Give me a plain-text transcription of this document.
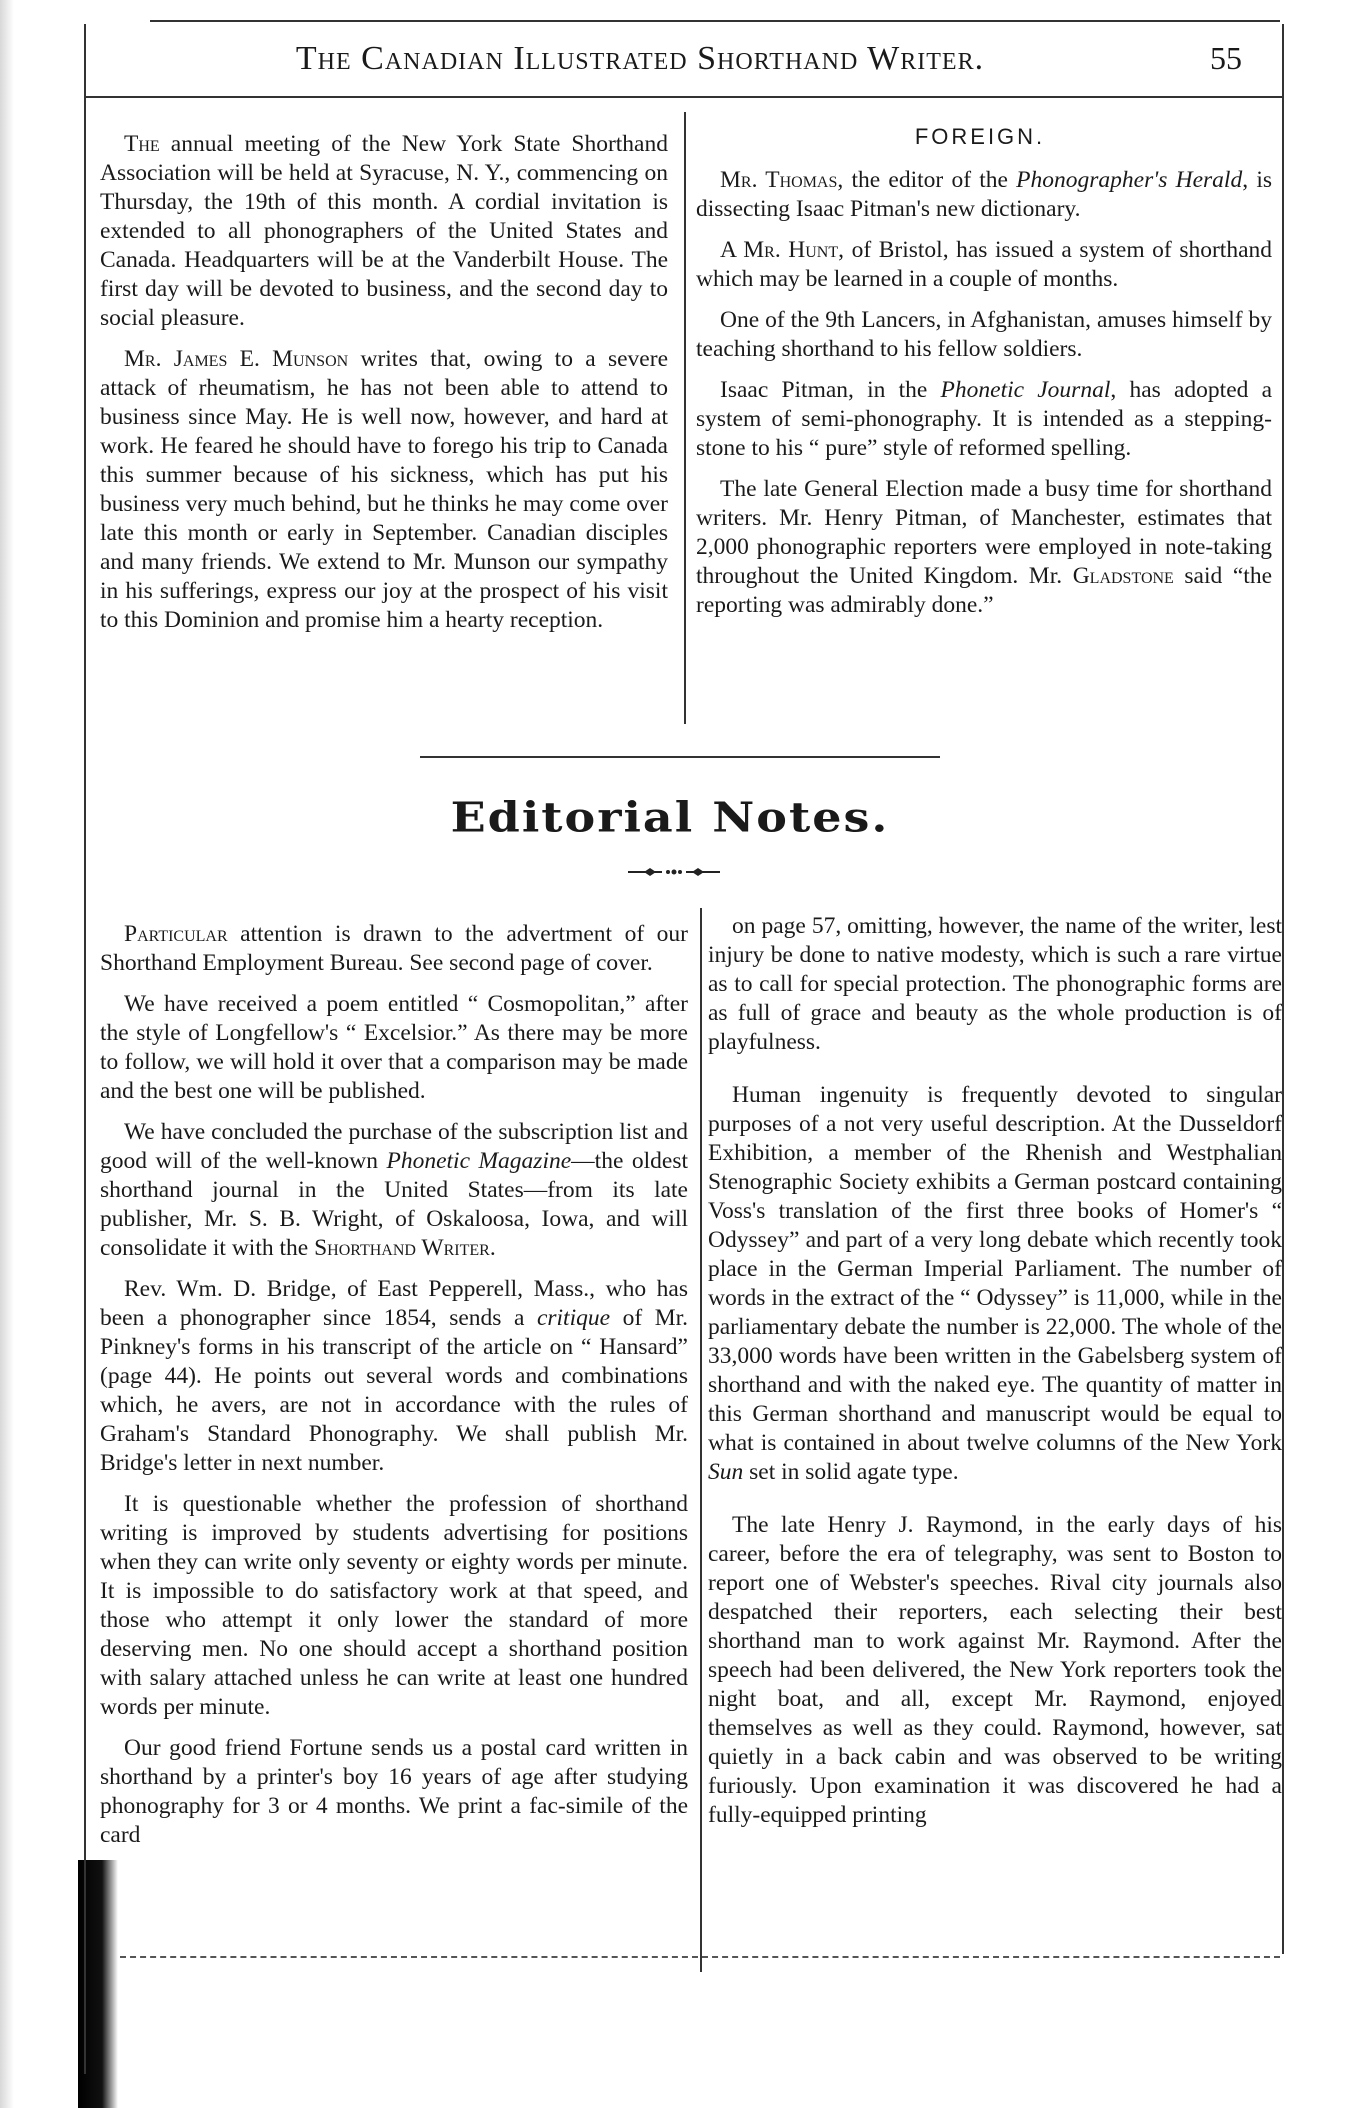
The Canadian Illustrated Shorthand Writer.	55

The annual meeting of the New York State Shorthand Association will be held at Syracuse, N. Y., commencing on Thursday, the 19th of this month. A cordial invitation is extended to all phonographers of the United States and Canada. Headquarters will be at the Vanderbilt House. The first day will be devoted to business, and the second day to social pleasure.

Mr. James E. Munson writes that, owing to a severe attack of rheumatism, he has not been able to attend to business since May. He is well now, however, and hard at work. He feared he should have to forego his trip to Canada this summer because of his sickness, which has put his business very much behind, but he thinks he may come over late this month or early in September. Canadian disciples and many friends. We extend to Mr. Munson our sympathy in his sufferings, express our joy at the prospect of his visit to this Dominion and promise him a hearty reception.

FOREIGN.

Mr. Thomas, the editor of the Phonographer's Herald, is dissecting Isaac Pitman's new dictionary.

A Mr. Hunt, of Bristol, has issued a system of shorthand which may be learned in a couple of months.

One of the 9th Lancers, in Afghanistan, amuses himself by teaching shorthand to his fellow soldiers.

Isaac Pitman, in the Phonetic Journal, has adopted a system of semi-phonography. It is intended as a stepping-stone to his “ pure” style of reformed spelling.

The late General Election made a busy time for shorthand writers. Mr. Henry Pitman, of Manchester, estimates that 2,000 phonographic reporters were employed in note-taking throughout the United Kingdom. Mr. Gladstone said “the reporting was admirably done.”

Editorial Notes.

Particular attention is drawn to the advertment of our Shorthand Employment Bureau. See second page of cover.

We have received a poem entitled “ Cosmopolitan,” after the style of Longfellow's “ Excelsior.” As there may be more to follow, we will hold it over that a comparison may be made and the best one will be published.

We have concluded the purchase of the subscription list and good will of the well-known Phonetic Magazine—the oldest shorthand journal in the United States—from its late publisher, Mr. S. B. Wright, of Oskaloosa, Iowa, and will consolidate it with the Shorthand Writer.

Rev. Wm. D. Bridge, of East Pepperell, Mass., who has been a phonographer since 1854, sends a critique of Mr. Pinkney's forms in his transcript of the article on “ Hansard” (page 44). He points out several words and combinations which, he avers, are not in accordance with the rules of Graham's Standard Phonography. We shall publish Mr. Bridge's letter in next number.

It is questionable whether the profession of shorthand writing is improved by students advertising for positions when they can write only seventy or eighty words per minute. It is impossible to do satisfactory work at that speed, and those who attempt it only lower the standard of more deserving men. No one should accept a shorthand position with salary attached unless he can write at least one hundred words per minute.

Our good friend Fortune sends us a postal card written in shorthand by a printer's boy 16 years of age after studying phonography for 3 or 4 months. We print a fac-simile of the card

on page 57, omitting, however, the name of the writer, lest injury be done to native modesty, which is such a rare virtue as to call for special protection. The phonographic forms are as full of grace and beauty as the whole production is of playfulness.

Human ingenuity is frequently devoted to singular purposes of a not very useful description. At the Dusseldorf Exhibition, a member of the Rhenish and Westphalian Stenographic Society exhibits a German postcard containing Voss's translation of the first three books of Homer's “ Odyssey” and part of a very long debate which recently took place in the German Imperial Parliament. The number of words in the extract of the “ Odyssey” is 11,000, while in the parliamentary debate the number is 22,000. The whole of the 33,000 words have been written in the Gabelsberg system of shorthand and with the naked eye. The quantity of matter in this German shorthand and manuscript would be equal to what is contained in about twelve columns of the New York Sun set in solid agate type.

The late Henry J. Raymond, in the early days of his career, before the era of telegraphy, was sent to Boston to report one of Webster's speeches. Rival city journals also despatched their reporters, each selecting their best shorthand man to work against Mr. Raymond. After the speech had been delivered, the New York reporters took the night boat, and all, except Mr. Raymond, enjoyed themselves as well as they could. Raymond, however, sat quietly in a back cabin and was observed to be writing furiously. Upon examination it was discovered he had a fully-equipped printing
